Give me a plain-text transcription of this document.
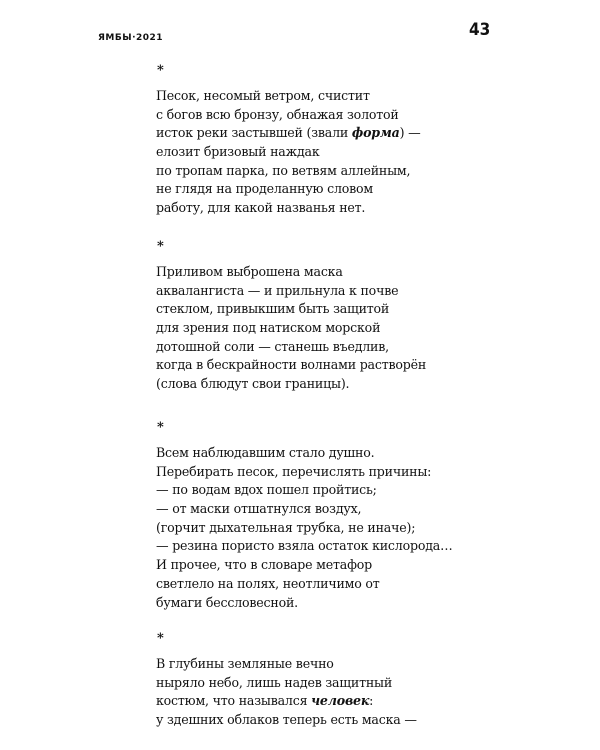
ЯМБЫ·2021	43
*
Песок, несомый ветром, счистит
с богов всю бронзу, обнажая золотой
исток реки застывшей (звали форма) —
елозит бризовый наждак
по тропам парка, по ветвям аллейным,
не глядя на проделанную словом
работу, для какой названья нет.
*
Приливом выброшена маска
аквалангиста — и прильнула к почве
стеклом, привыкшим быть защитой
для зрения под натиском морской
дотошной соли — станешь въедлив,
когда в бескрайности волнами растворён
(слова блюдут свои границы).
*
Всем наблюдавшим стало душно.
Перебирать песок, перечислять причины:
— по водам вдох пошел пройтись;
— от маски отшатнулся воздух,
(горчит дыхательная трубка, не иначе);
— резина пористо взяла остаток кислорода…
И прочее, что в словаре метафор
светлело на полях, неотличимо от
бумаги бессловесной.
*
В глубины земляные вечно
ныряло небо, лишь надев защитный
костюм, что назывался человек:
у здешних облаков теперь есть маска —
